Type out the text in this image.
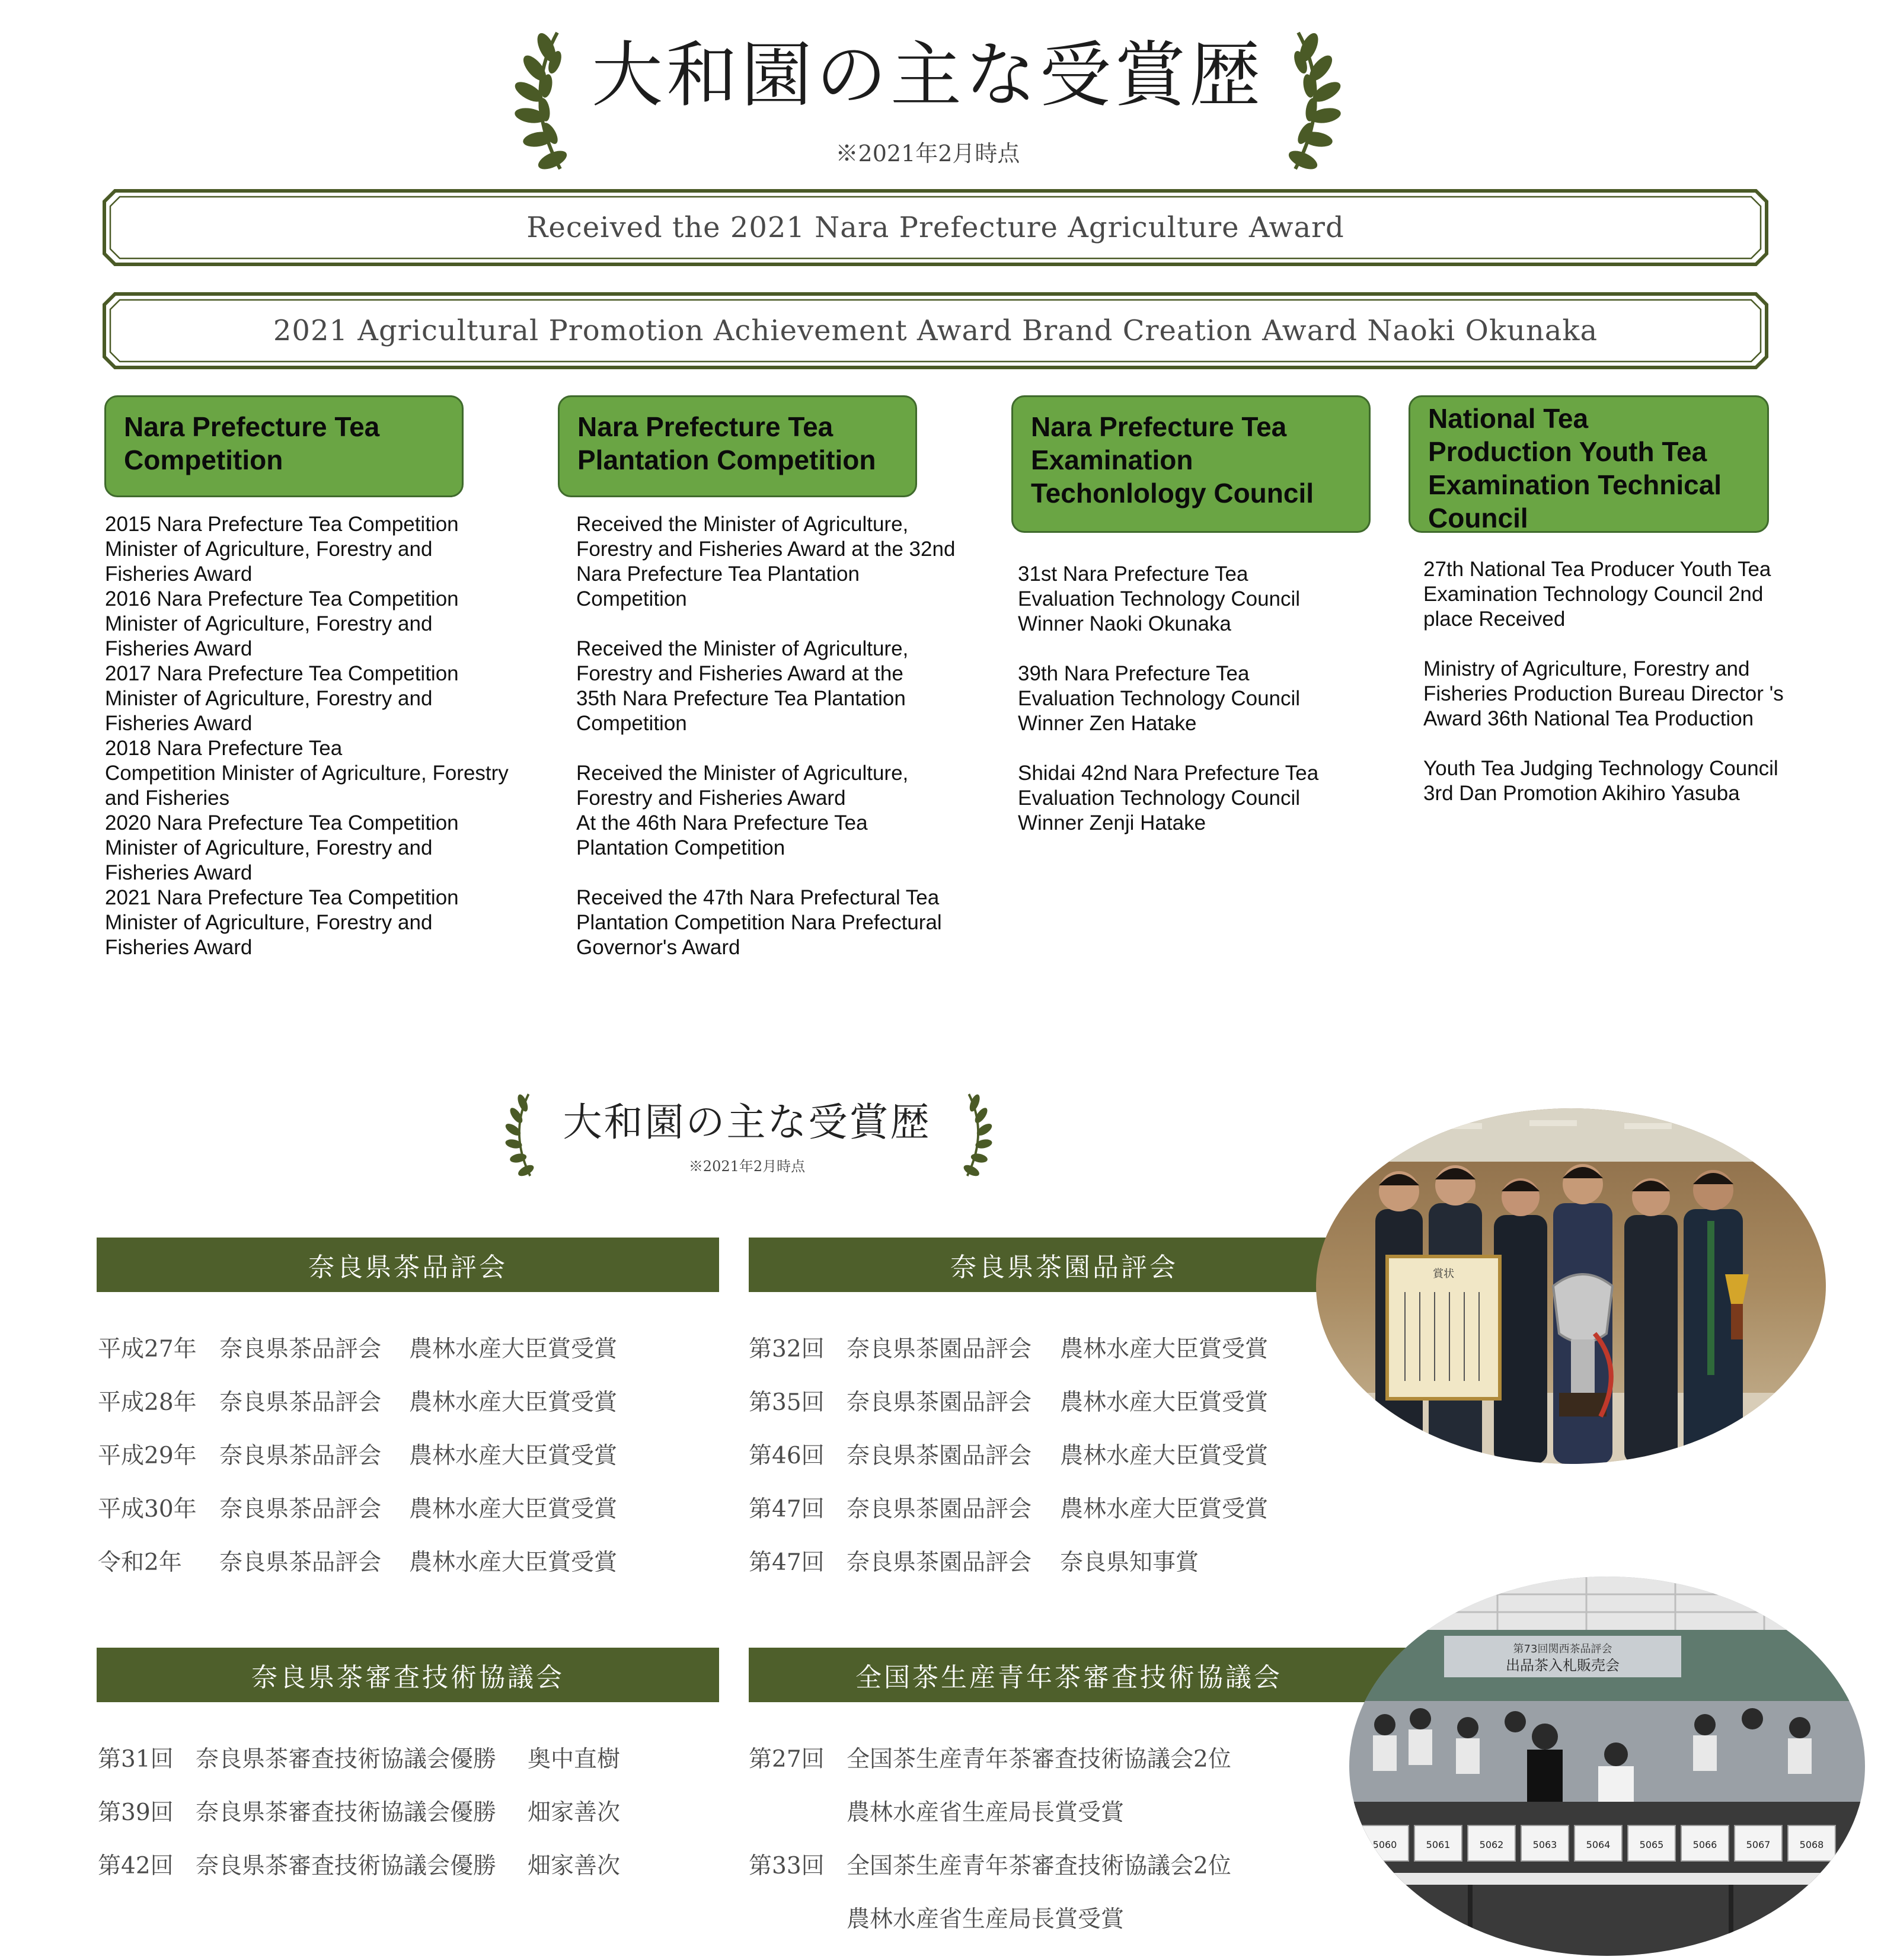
大和園の主な受賞歴
※2021年2月時点
Received the 2021 Nara Prefecture Agriculture Award
2021 Agricultural Promotion Achievement Award Brand Creation Award Naoki Okunaka
Nara Prefecture Tea
Competition

2015 Nara Prefecture Tea Competition

Minister of Agriculture, Forestry and

Fisheries Award

2016 Nara Prefecture Tea Competition

Minister of Agriculture, Forestry and

Fisheries Award

2017 Nara Prefecture Tea Competition

Minister of Agriculture, Forestry and

Fisheries Award

2018 Nara Prefecture Tea

Competition Minister of Agriculture, Forestry

and Fisheries

2020 Nara Prefecture Tea Competition

Minister of Agriculture, Forestry and

Fisheries Award

2021 Nara Prefecture Tea Competition

Minister of Agriculture, Forestry and

Fisheries Award

Nara Prefecture Tea
Plantation Competition

Received the Minister of Agriculture,

Forestry and Fisheries Award at the 32nd

Nara Prefecture Tea Plantation

Competition

Received the Minister of Agriculture,

Forestry and Fisheries Award at the

35th Nara Prefecture Tea Plantation

Competition

Received the Minister of Agriculture,

Forestry and Fisheries Award

At the 46th Nara Prefecture Tea

Plantation Competition

Received the 47th Nara Prefectural Tea

Plantation Competition Nara Prefectural

Governor's Award

Nara Prefecture Tea
Examination
Techonlology Council

31st Nara Prefecture Tea

Evaluation Technology Council

Winner Naoki Okunaka

39th Nara Prefecture Tea

Evaluation Technology Council

Winner Zen Hatake

Shidai 42nd Nara Prefecture Tea

Evaluation Technology Council

Winner Zenji Hatake

National Tea
Production Youth Tea
Examination Technical
Council

27th National Tea Producer Youth Tea

Examination Technology Council 2nd

place Received

Ministry of Agriculture, Forestry and

Fisheries Production Bureau Director 's

Award 36th National Tea Production

Youth Tea Judging Technology Council

3rd Dan Promotion Akihiro Yasuba

大和園の主な受賞歴
※2021年2月時点
奈良県茶品評会	奈良県茶園品評会
平成27年 奈良県茶品評会	農林水産大臣賞受賞
平成28年 奈良県茶品評会	農林水産大臣賞受賞
平成29年 奈良県茶品評会	農林水産大臣賞受賞
平成30年 奈良県茶品評会	農林水産大臣賞受賞
令和2年	奈良県茶品評会	農林水産大臣賞受賞
第32回 奈良県茶園品評会	農林水産大臣賞受賞
第35回 奈良県茶園品評会	農林水産大臣賞受賞
第46回 奈良県茶園品評会	農林水産大臣賞受賞
第47回 奈良県茶園品評会	農林水産大臣賞受賞
第47回 奈良県茶園品評会	奈良県知事賞
奈良県茶審査技術協議会	全国茶生産青年茶審査技術協議会
第31回 奈良県茶審査技術協議会優勝	奥中直樹
第39回 奈良県茶審査技術協議会優勝	畑家善次
第42回 奈良県茶審査技術協議会優勝	畑家善次
第27回 全国茶生産青年茶審査技術協議会2位
農林水産省生産局長賞受賞
第33回 全国茶生産青年茶審査技術協議会2位
農林水産省生産局長賞受賞
賞状
第73回関西茶品評会
出品茶入札販売会
5060	5061	5062	5063	5064	5065	5066	5067	5068
